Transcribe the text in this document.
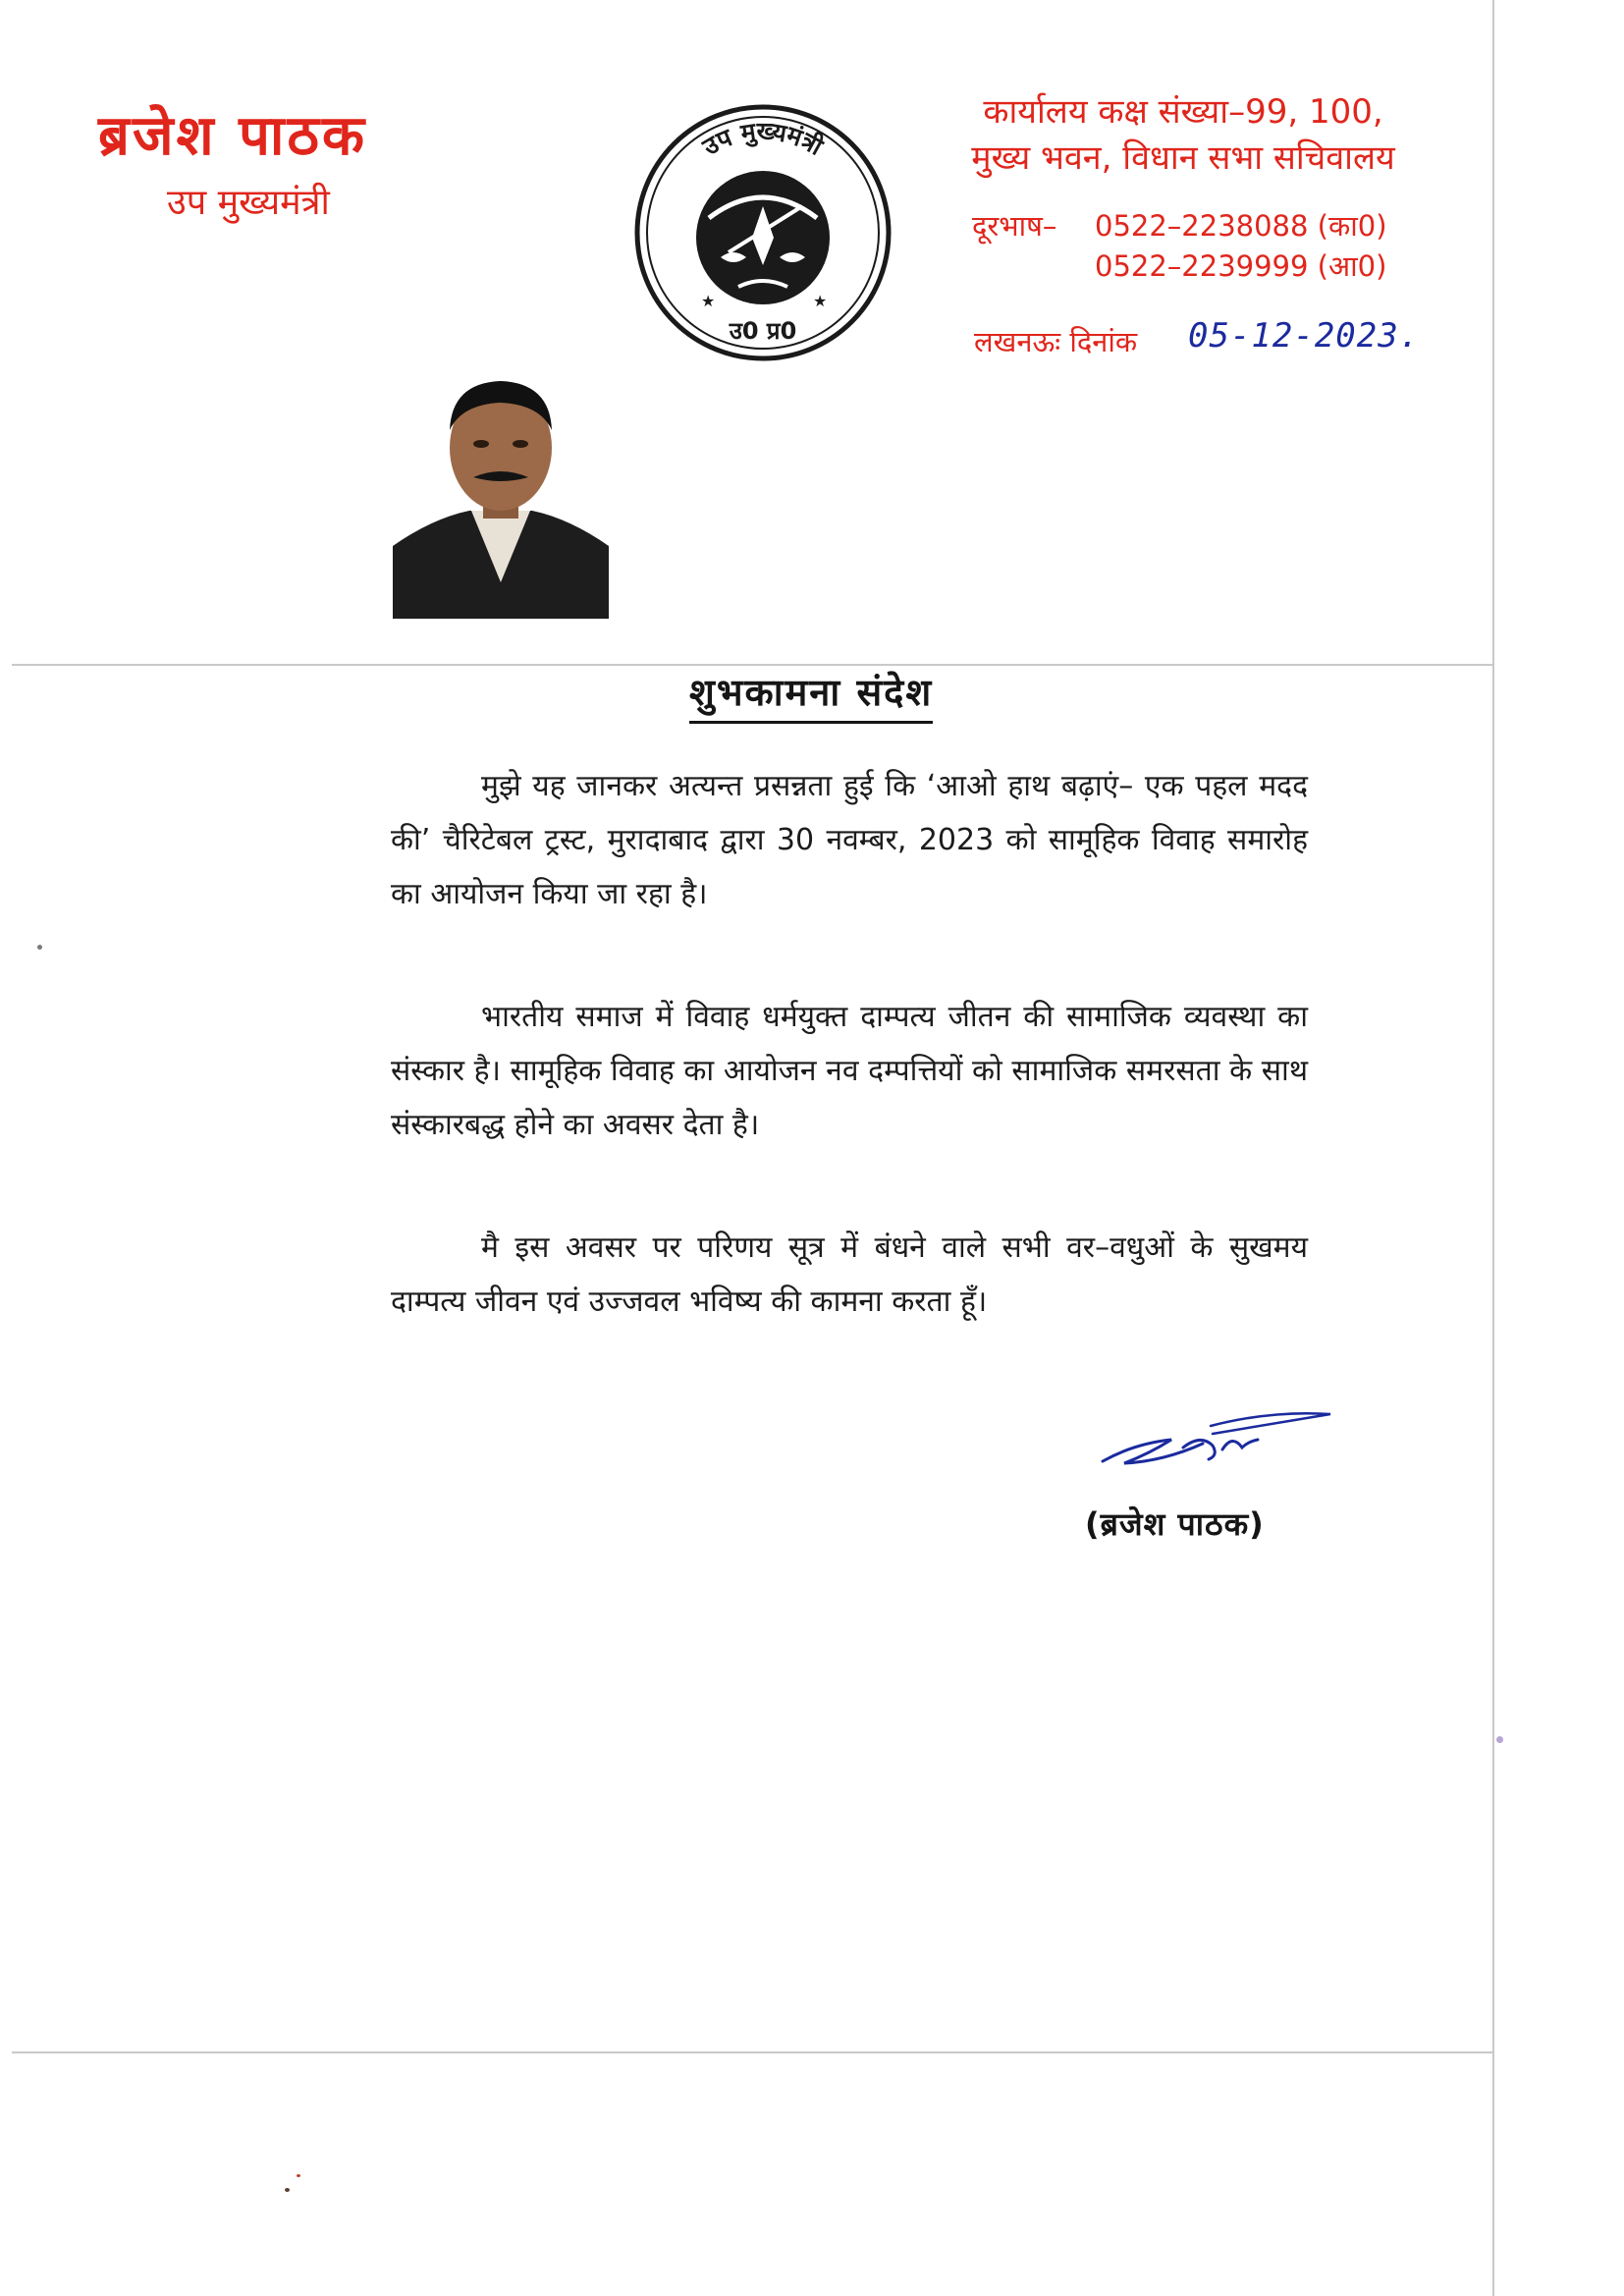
ब्रजेश पाठक
उप मुख्यमंत्री
उप मुख्यमंत्री
★	★
उ0 प्र0
कार्यालय कक्ष संख्या–99, 100,
मुख्य भवन, विधान सभा सचिवालय
दूरभाष– 0522–2238088 (का0)
0522–2239999 (आ0)
लखनऊः दिनांक 05-12-2023.
शुभकामना संदेश
मुझे यह जानकर अत्यन्त प्रसन्नता हुई कि ‘आओ हाथ बढ़ाएं– एक पहल मदद की’ चैरिटेबल ट्रस्ट, मुरादाबाद द्वारा 30 नवम्बर, 2023 को सामूहिक विवाह समारोह का आयोजन किया जा रहा है।
भारतीय समाज में विवाह धर्मयुक्त दाम्पत्य जीतन की सामाजिक व्यवस्था का संस्कार है। सामूहिक विवाह का आयोजन नव दम्पत्तियों को सामाजिक समरसता के साथ संस्कारबद्ध होने का अवसर देता है।
मै इस अवसर पर परिणय सूत्र में बंधने वाले सभी वर–वधुओं के सुखमय दाम्पत्य जीवन एवं उज्जवल भविष्य की कामना करता हूँ।
(ब्रजेश पाठक)
